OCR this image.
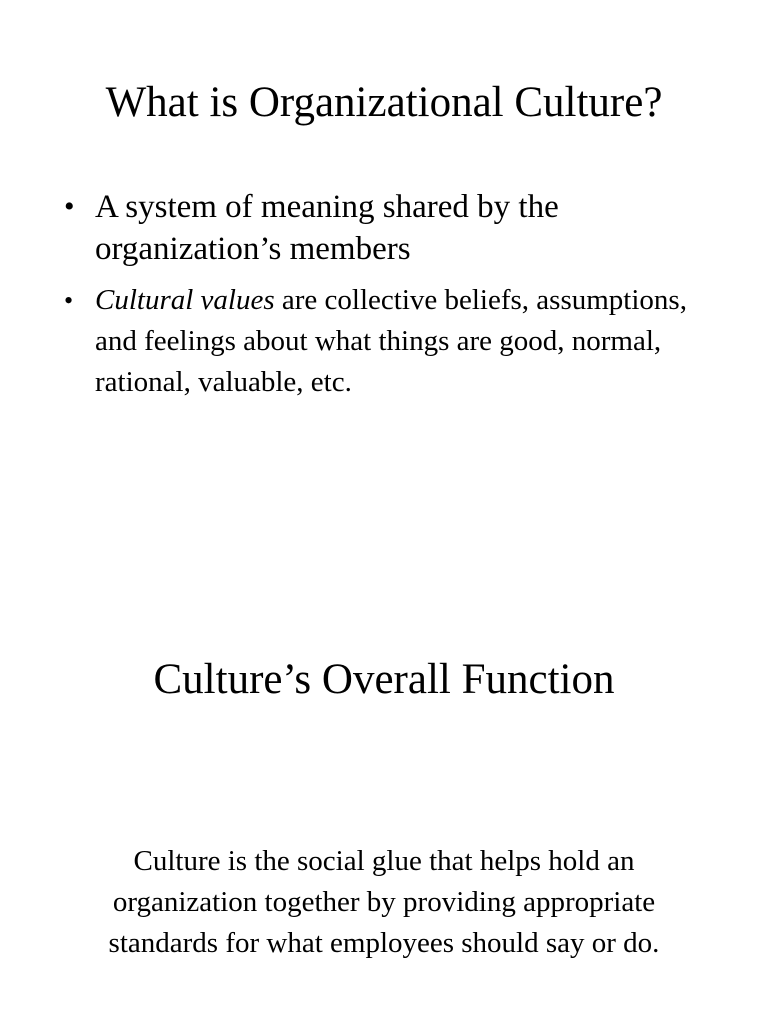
What is Organizational Culture?
• A system of meaning shared by the organization’s members
• Cultural values are collective beliefs, assumptions, and feelings about what things are good, normal, rational, valuable, etc.
Culture’s Overall Function

Culture is the social glue that helps hold an organization together by providing appropriate standards for what employees should say or do.
